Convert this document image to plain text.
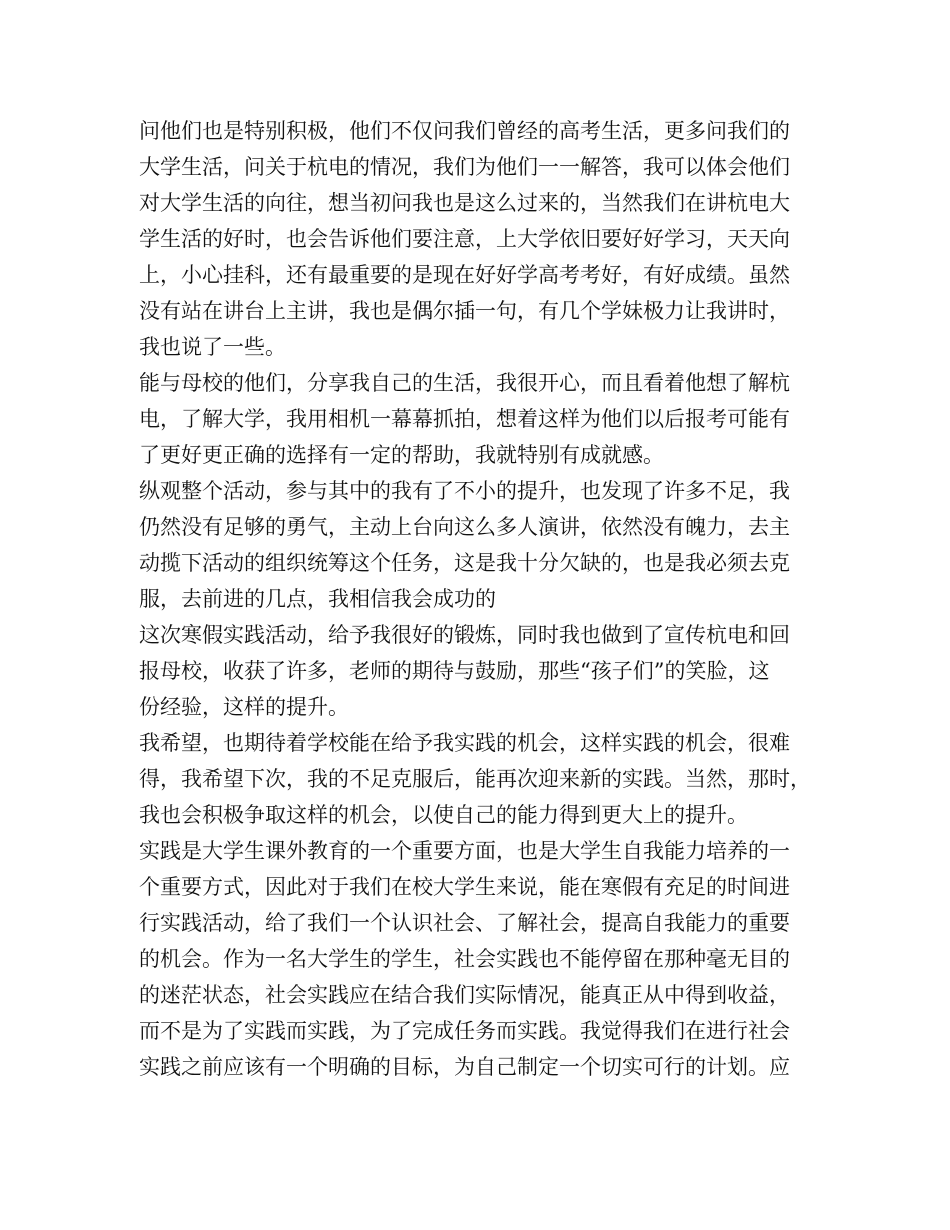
问他们也是特别积极，他们不仅问我们曾经的高考生活，更多问我们的
大学生活，问关于杭电的情况，我们为他们一一解答，我可以体会他们
对大学生活的向往，想当初问我也是这么过来的，当然我们在讲杭电大
学生活的好时，也会告诉他们要注意，上大学依旧要好好学习，天天向
上，小心挂科，还有最重要的是现在好好学高考考好，有好成绩。虽然
没有站在讲台上主讲，我也是偶尔插一句，有几个学妹极力让我讲时，
我也说了一些。
能与母校的他们，分享我自己的生活，我很开心，而且看着他想了解杭
电，了解大学，我用相机一幕幕抓拍，想着这样为他们以后报考可能有
了更好更正确的选择有一定的帮助，我就特别有成就感。
纵观整个活动，参与其中的我有了不小的提升，也发现了许多不足，我
仍然没有足够的勇气，主动上台向这么多人演讲，依然没有魄力，去主
动揽下活动的组织统筹这个任务，这是我十分欠缺的，也是我必须去克
服，去前进的几点，我相信我会成功的
这次寒假实践活动，给予我很好的锻炼，同时我也做到了宣传杭电和回
报母校，收获了许多，老师的期待与鼓励，那些“孩子们”的笑脸，这
份经验，这样的提升。
我希望，也期待着学校能在给予我实践的机会，这样实践的机会，很难
得，我希望下次，我的不足克服后，能再次迎来新的实践。当然，那时，
我也会积极争取这样的机会，以使自己的能力得到更大上的提升。
实践是大学生课外教育的一个重要方面，也是大学生自我能力培养的一
个重要方式，因此对于我们在校大学生来说，能在寒假有充足的时间进
行实践活动，给了我们一个认识社会、了解社会，提高自我能力的重要
的机会。作为一名大学生的学生，社会实践也不能停留在那种毫无目的
的迷茫状态，社会实践应在结合我们实际情况，能真正从中得到收益，
而不是为了实践而实践，为了完成任务而实践。我觉得我们在进行社会
实践之前应该有一个明确的目标，为自己制定一个切实可行的计划。应
